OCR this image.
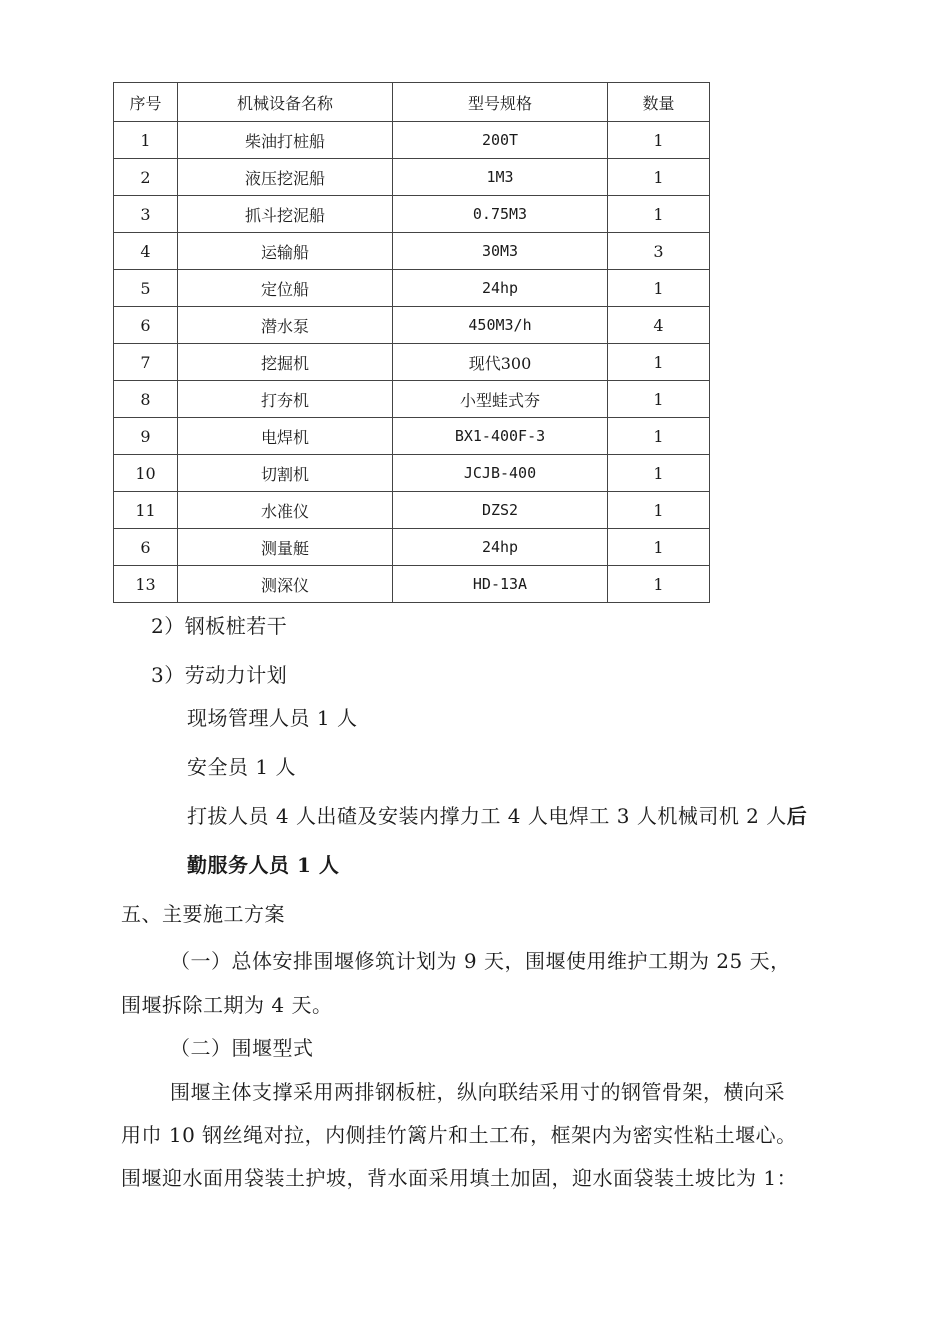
序号	机械设备名称	型号规格	数量
1	柴油打桩船	200T	1
2	液压挖泥船	1M3	1
3	抓斗挖泥船	0.75M3	1
4	运输船	30M3	3
5	定位船	24hp	1
6	潜水泵	450M3/h	4
7	挖掘机	现代300	1
8	打夯机	小型蛙式夯	1
9	电焊机	BX1-400F-3	1
10	切割机	JCJB-400	1
11	水准仪	DZS2	1
6	测量艇	24hp	1
13	测深仪	HD-13A	1
2）钢板桩若干
3）劳动力计划
现场管理人员 1 人
安全员 1 人
打拔人员 4 人出碴及安装内撑力工 4 人电焊工 3 人机械司机 2 人后
勤服务人员 1 人
五、主要施工方案
（一）总体安排围堰修筑计划为 9 天，围堰使用维护工期为 25 天，
围堰拆除工期为 4 天。
（二）围堰型式
围堰主体支撑采用两排钢板桩，纵向联结采用寸的钢管骨架，横向采
用巾 10 钢丝绳对拉，内侧挂竹篱片和土工布，框架内为密实性粘土堰心。
围堰迎水面用袋装土护坡，背水面采用填土加固，迎水面袋装土坡比为 1：
